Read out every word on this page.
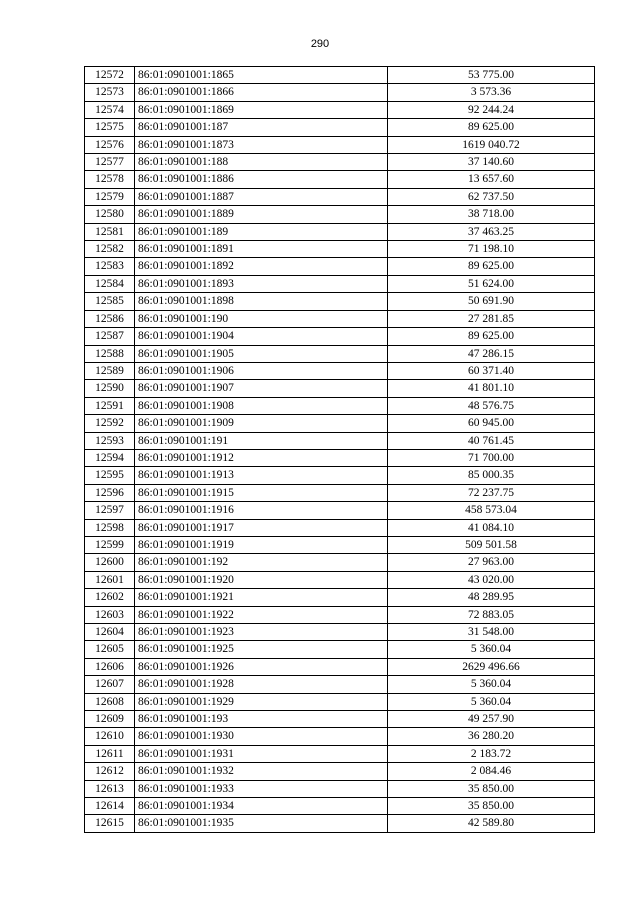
290
12572	86:01:0901001:1865	53 775.00
12573	86:01:0901001:1866	3 573.36
12574	86:01:0901001:1869	92 244.24
12575	86:01:0901001:187	89 625.00
12576	86:01:0901001:1873	1619 040.72
12577	86:01:0901001:188	37 140.60
12578	86:01:0901001:1886	13 657.60
12579	86:01:0901001:1887	62 737.50
12580	86:01:0901001:1889	38 718.00
12581	86:01:0901001:189	37 463.25
12582	86:01:0901001:1891	71 198.10
12583	86:01:0901001:1892	89 625.00
12584	86:01:0901001:1893	51 624.00
12585	86:01:0901001:1898	50 691.90
12586	86:01:0901001:190	27 281.85
12587	86:01:0901001:1904	89 625.00
12588	86:01:0901001:1905	47 286.15
12589	86:01:0901001:1906	60 371.40
12590	86:01:0901001:1907	41 801.10
12591	86:01:0901001:1908	48 576.75
12592	86:01:0901001:1909	60 945.00
12593	86:01:0901001:191	40 761.45
12594	86:01:0901001:1912	71 700.00
12595	86:01:0901001:1913	85 000.35
12596	86:01:0901001:1915	72 237.75
12597	86:01:0901001:1916	458 573.04
12598	86:01:0901001:1917	41 084.10
12599	86:01:0901001:1919	509 501.58
12600	86:01:0901001:192	27 963.00
12601	86:01:0901001:1920	43 020.00
12602	86:01:0901001:1921	48 289.95
12603	86:01:0901001:1922	72 883.05
12604	86:01:0901001:1923	31 548.00
12605	86:01:0901001:1925	5 360.04
12606	86:01:0901001:1926	2629 496.66
12607	86:01:0901001:1928	5 360.04
12608	86:01:0901001:1929	5 360.04
12609	86:01:0901001:193	49 257.90
12610	86:01:0901001:1930	36 280.20
12611	86:01:0901001:1931	2 183.72
12612	86:01:0901001:1932	2 084.46
12613	86:01:0901001:1933	35 850.00
12614	86:01:0901001:1934	35 850.00
12615	86:01:0901001:1935	42 589.80
